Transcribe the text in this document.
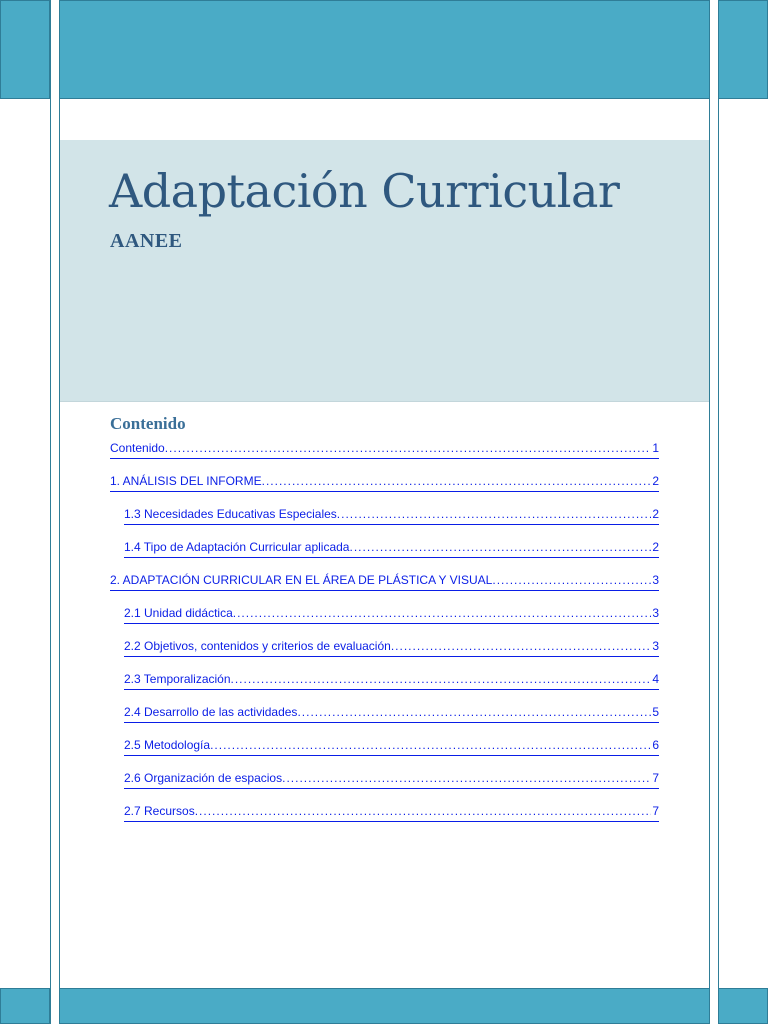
Adaptación Curricular
AANEE
Contenido
Contenido .....	1
1. ANÁLISIS DEL INFORME .....	2
1.3 Necesidades Educativas Especiales .....	2
1.4 Tipo de Adaptación Curricular aplicada .....	2
2. ADAPTACIÓN CURRICULAR EN EL ÁREA DE PLÁSTICA Y VISUAL .....	3
2.1 Unidad didáctica .....	3
2.2 Objetivos, contenidos y criterios de evaluación .....	3
2.3 Temporalización .....	4
2.4 Desarrollo de las actividades .....	5
2.5 Metodología .....	6
2.6 Organización de espacios .....	7
2.7 Recursos .....	7
